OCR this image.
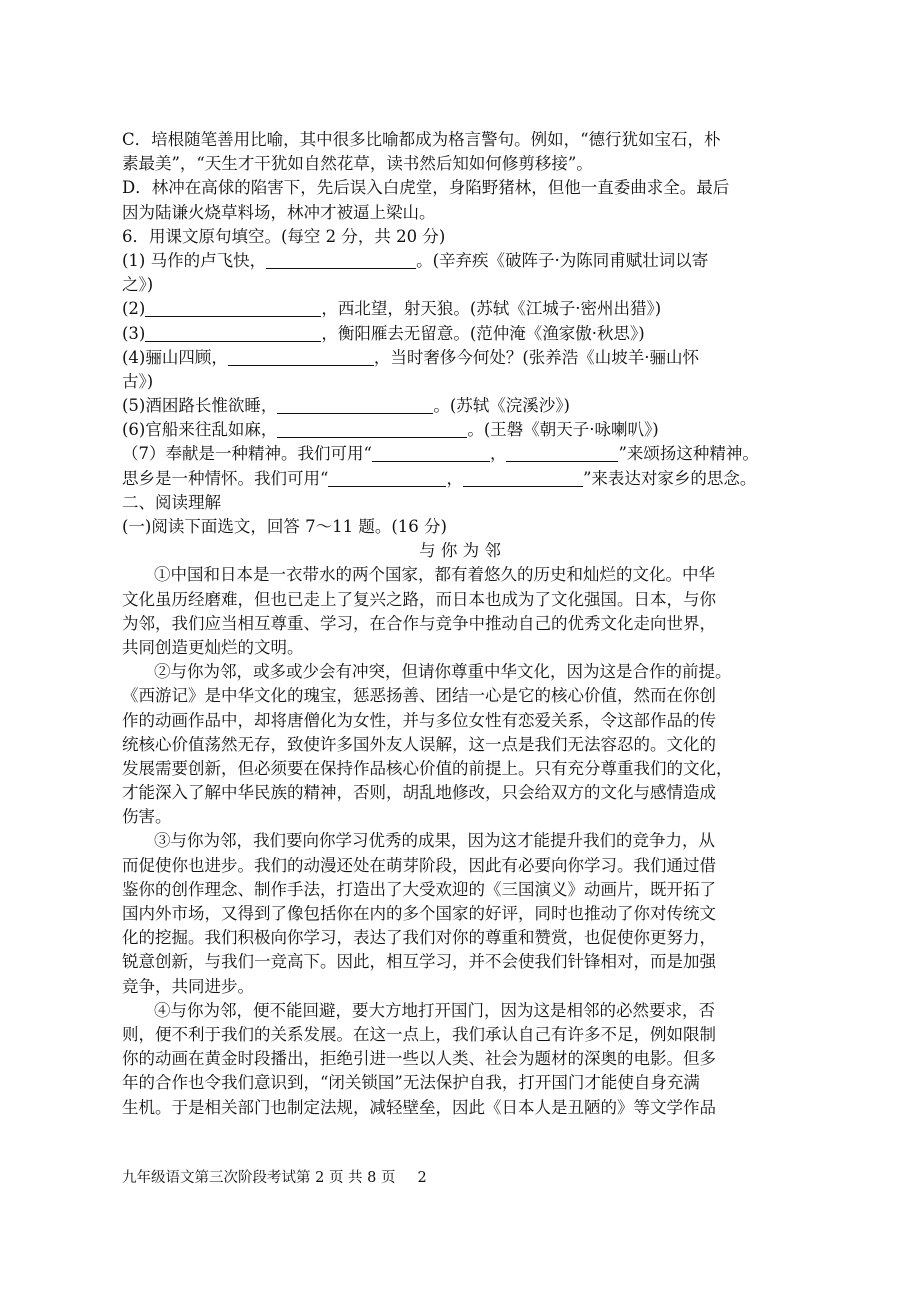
C．培根随笔善用比喻，其中很多比喻都成为格言警句。例如，“德行犹如宝石，朴
素最美”，“天生才干犹如自然花草，读书然后知如何修剪移接”。
D．林冲在高俅的陷害下，先后误入白虎堂，身陷野猪林，但他一直委曲求全。最后
因为陆谦火烧草料场，林冲才被逼上梁山。
6．用课文原句填空。(每空 2 分，共 20 分)
(1) 马作的卢飞快，	。(辛弃疾《破阵子·为陈同甫赋壮词以寄
之》)
(2)	，西北望，射天狼。(苏轼《江城子·密州出猎》)
(3)	，衡阳雁去无留意。(范仲淹《渔家傲·秋思》)
(4)骊山四顾，	，当时奢侈今何处？(张养浩《山坡羊·骊山怀
古》)
(5)酒困路长惟欲睡，	。(苏轼《浣溪沙》)
(6)官船来往乱如麻，	。(王磐《朝天子·咏喇叭》)
（7）奉献是一种精神。我们可用“	，	”来颂扬这种精神。
思乡是一种情怀。我们可用“	，	”来表达对家乡的思念。
二、阅读理解
(一)阅读下面选文，回答 7～11 题。(16 分)
与 你 为 邻
①中国和日本是一衣带水的两个国家，都有着悠久的历史和灿烂的文化。中华
文化虽历经磨难，但也已走上了复兴之路，而日本也成为了文化强国。日本，与你
为邻，我们应当相互尊重、学习，在合作与竞争中推动自己的优秀文化走向世界，
共同创造更灿烂的文明。
②与你为邻，或多或少会有冲突，但请你尊重中华文化，因为这是合作的前提。
《西游记》是中华文化的瑰宝，惩恶扬善、团结一心是它的核心价值，然而在你创
作的动画作品中，却将唐僧化为女性，并与多位女性有恋爱关系，令这部作品的传
统核心价值荡然无存，致使许多国外友人误解，这一点是我们无法容忍的。文化的
发展需要创新，但必须要在保持作品核心价值的前提上。只有充分尊重我们的文化，
才能深入了解中华民族的精神，否则，胡乱地修改，只会给双方的文化与感情造成
伤害。
③与你为邻，我们要向你学习优秀的成果，因为这才能提升我们的竞争力，从
而促使你也进步。我们的动漫还处在萌芽阶段，因此有必要向你学习。我们通过借
鉴你的创作理念、制作手法，打造出了大受欢迎的《三国演义》动画片，既开拓了
国内外市场，又得到了像包括你在内的多个国家的好评，同时也推动了你对传统文
化的挖掘。我们积极向你学习，表达了我们对你的尊重和赞赏，也促使你更努力，
锐意创新，与我们一竞高下。因此，相互学习，并不会使我们针锋相对，而是加强
竞争，共同进步。
④与你为邻，便不能回避，要大方地打开国门，因为这是相邻的必然要求，否
则，便不利于我们的关系发展。在这一点上，我们承认自己有许多不足，例如限制
你的动画在黄金时段播出，拒绝引进一些以人类、社会为题材的深奥的电影。但多
年的合作也令我们意识到，“闭关锁国”无法保护自我，打开国门才能使自身充满
生机。于是相关部门也制定法规，减轻壁垒，因此《日本人是丑陋的》等文学作品
九年级语文第三次阶段考试第 2 页 共 8 页 2
